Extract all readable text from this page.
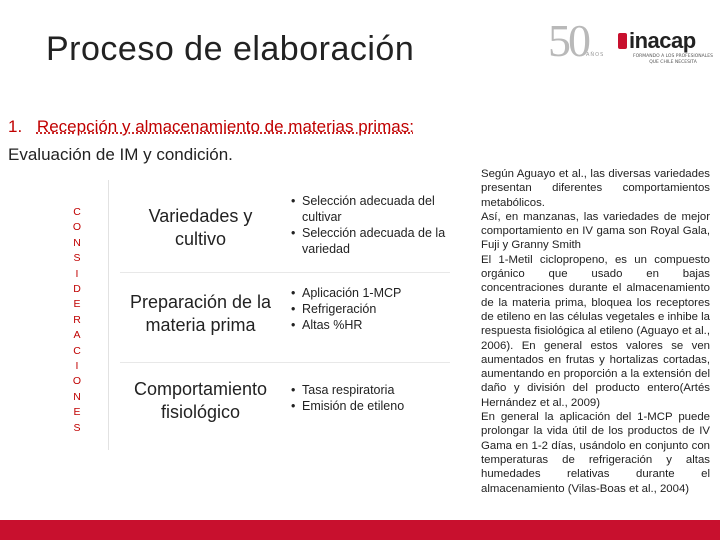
Proceso de elaboración	50
AÑOS
inacap
FORMANDO A LOS PROFESIONALES QUE CHILE NECESITA
1. Recepción y almacenamiento de materias primas:
Evaluación de IM y condición.
C
O
N
S
I
D
E
R
A
C
I
O
N
E
S
Variedades y
cultivo
• Selección adecuada del cultivar
• Selección adecuada de la variedad
Preparación de la
materia prima
• Aplicación 1-MCP
• Refrigeración
• Altas %HR
Comportamiento
fisiológico
• Tasa respiratoria
• Emisión de etileno

Según Aguayo et al., las diversas variedades presentan diferentes comportamientos metabólicos.

Así, en manzanas, las variedades de mejor comportamiento en IV gama son Royal Gala, Fuji y Granny Smith

El 1-Metil ciclopropeno, es un compuesto orgánico que usado en bajas concentraciones durante el almacenamiento de la materia prima, bloquea los receptores de etileno en las células vegetales e inhibe la respuesta fisiológica al etileno (Aguayo et al., 2006). En general estos valores se ven aumentados en frutas y hortalizas cortadas, aumentando en proporción a la extensión del daño y división del producto entero(Artés Hernández et al., 2009)

En general la aplicación del 1-MCP puede prolongar la vida útil de los productos de IV Gama en 1-2 días, usándolo en conjunto con temperaturas de refrigeración y altas humedades relativas durante el almacenamiento (Vilas-Boas et al., 2004)
